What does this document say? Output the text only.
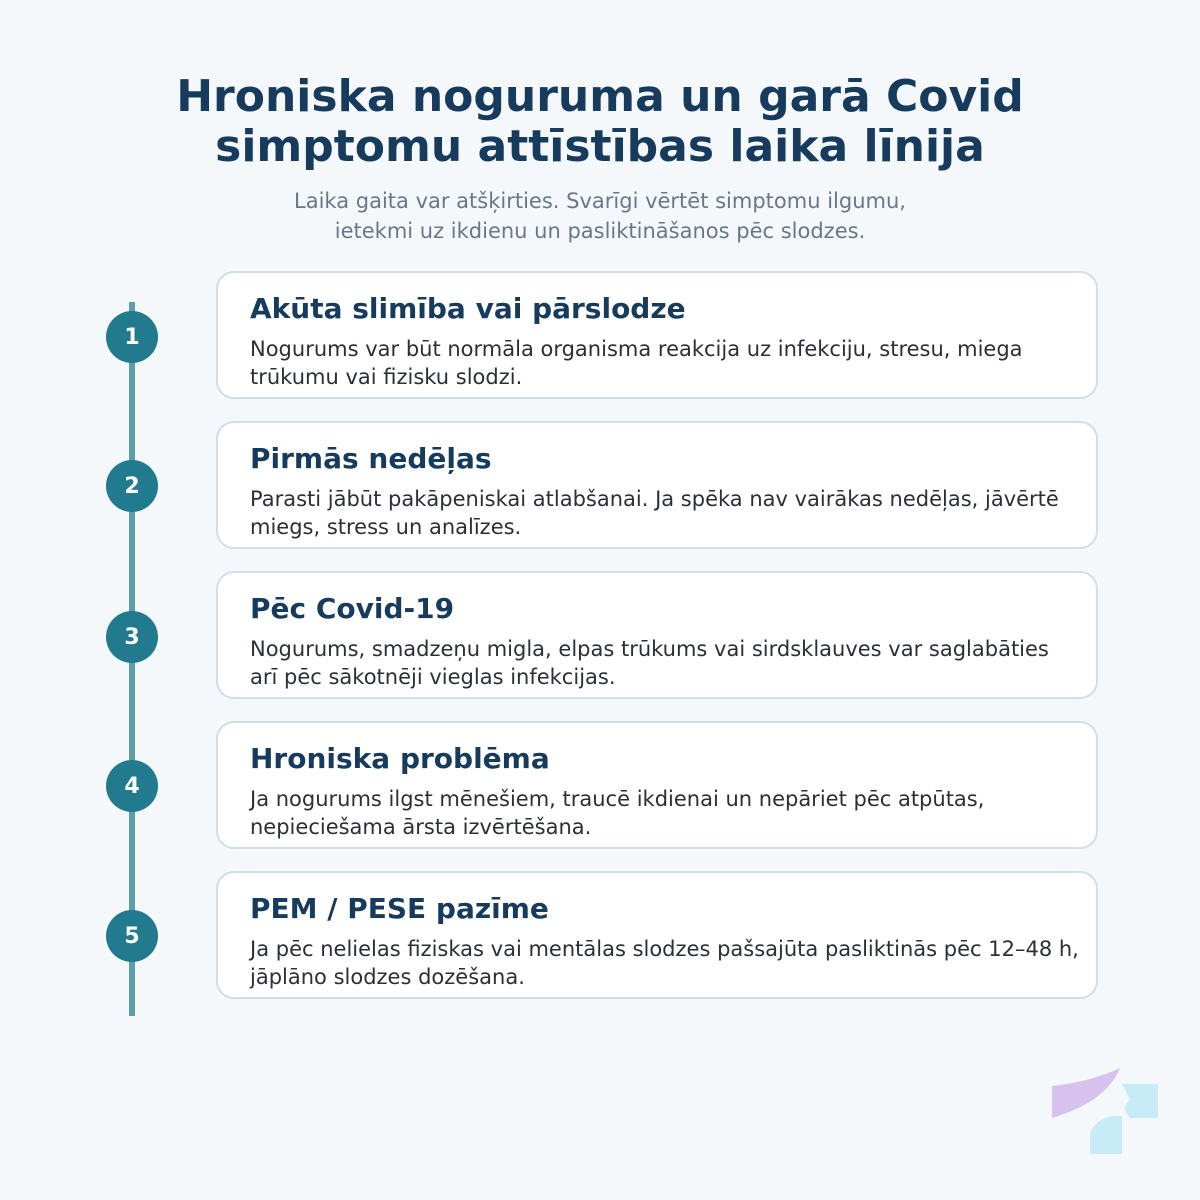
Hroniska noguruma un garā Covid
simptomu attīstības laika līnija

Laika gaita var atšķirties. Svarīgi vērtēt simptomu ilgumu,
ietekmi uz ikdienu un pasliktināšanos pēc slodzes.

1
2
3
4
5
Akūta slimība vai pārslodze

Nogurums var būt normāla organisma reakcija uz infekciju, stresu, miega trūkumu vai fizisku slodzi.

Pirmās nedēļas

Parasti jābūt pakāpeniskai atlabšanai. Ja spēka nav vairākas nedēļas, jāvērtē miegs, stress un analīzes.

Pēc Covid-19

Nogurums, smadzeņu migla, elpas trūkums vai sirdsklauves var saglabāties arī pēc sākotnēji vieglas infekcijas.

Hroniska problēma

Ja nogurums ilgst mēnešiem, traucē ikdienai un nepāriet pēc atpūtas, nepieciešama ārsta izvērtēšana.

PEM / PESE pazīme

Ja pēc nelielas fiziskas vai mentālas slodzes pašsajūta pasliktinās pēc 12–48 h, jāplāno slodzes dozēšana.
